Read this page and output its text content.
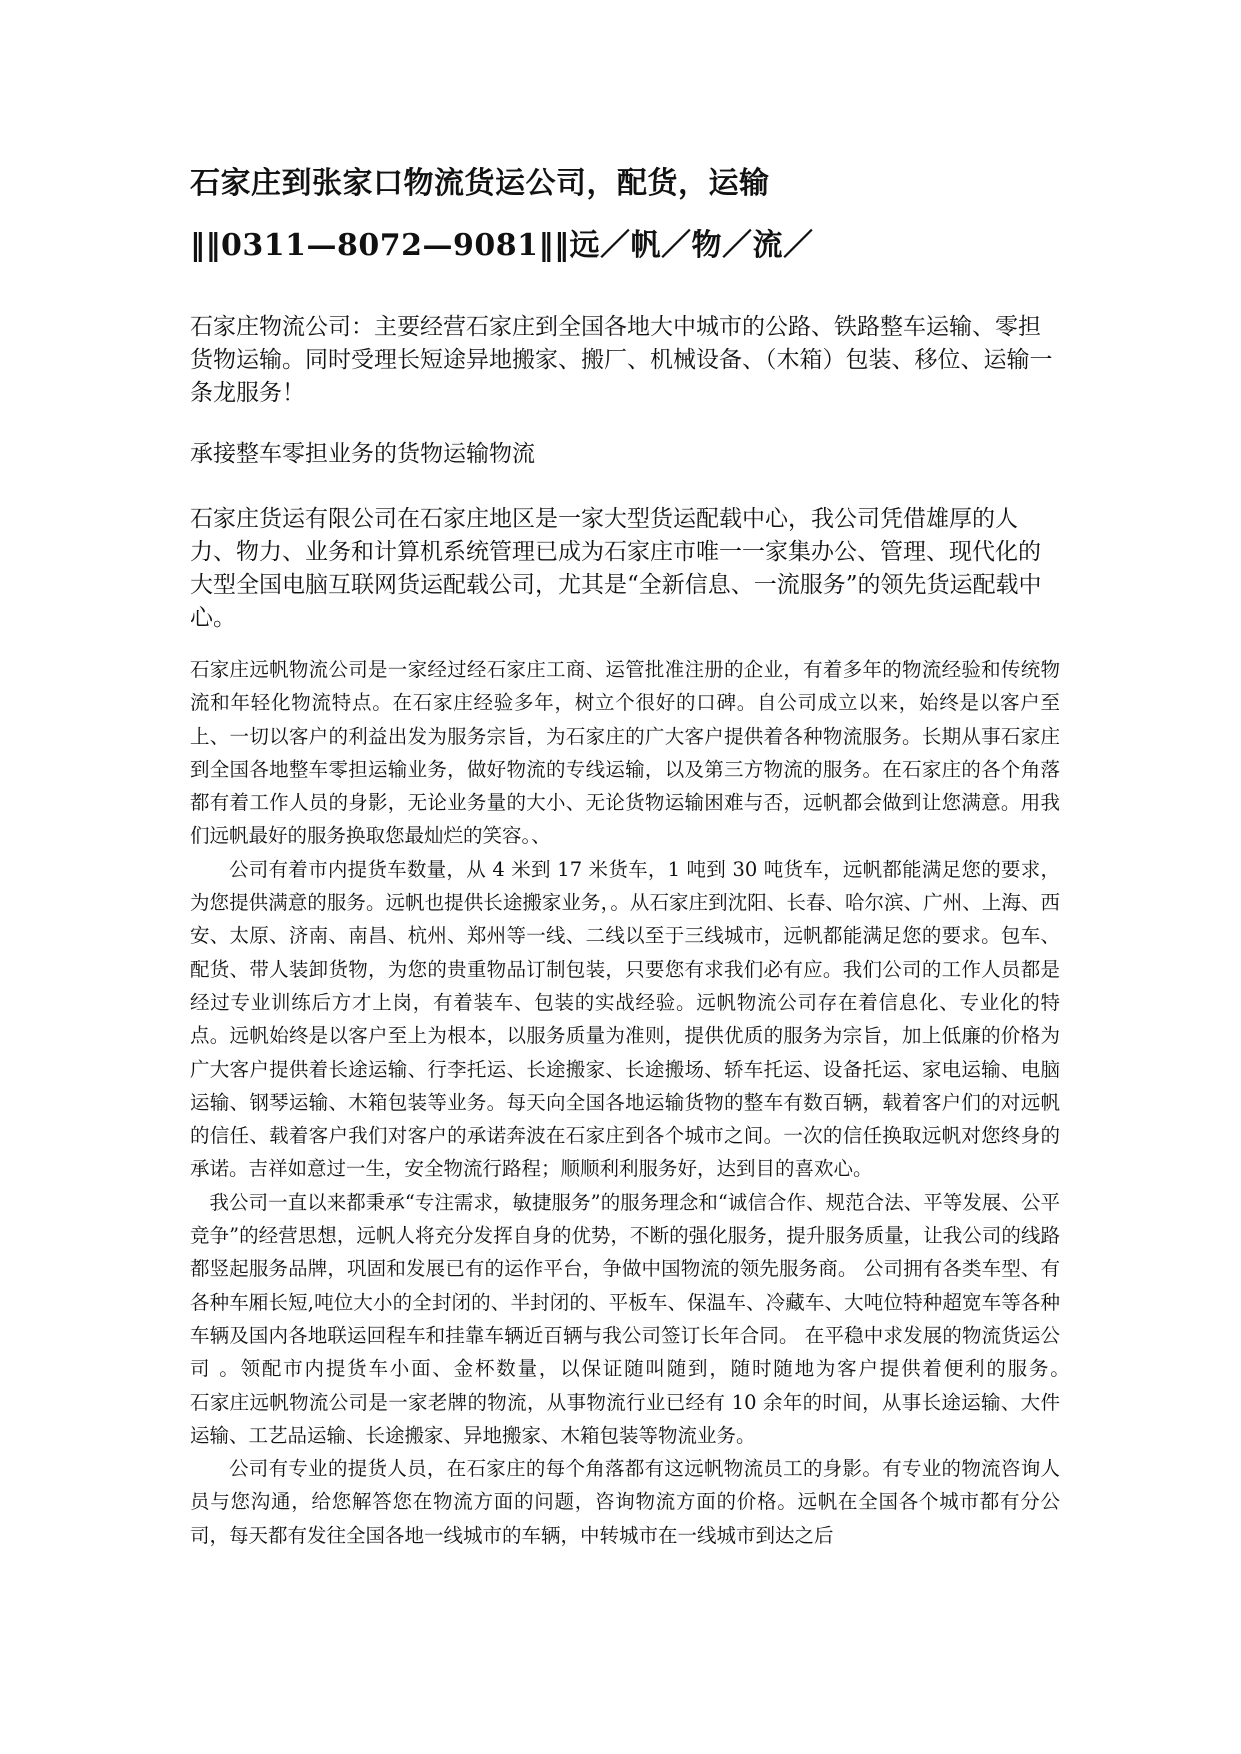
石家庄到张家口物流货运公司，配货，运输
‖‖0311—8072—9081‖‖远／帆／物／流／

石家庄物流公司：主要经营石家庄到全国各地大中城市的公路、铁路整车运输、零担货物运输。同时受理长短途异地搬家、搬厂、机械设备、（木箱）包装、移位、运输一条龙服务！

承接整车零担业务的货物运输物流

石家庄货运有限公司在石家庄地区是一家大型货运配载中心，我公司凭借雄厚的人力、物力、业务和计算机系统管理已成为石家庄市唯一一家集办公、管理、现代化的大型全国电脑互联网货运配载公司，尤其是“全新信息、一流服务”的领先货运配载中心。

石家庄远帆物流公司是一家经过经石家庄工商、运管批准注册的企业，有着多年的物流经验和传统物流和年轻化物流特点。在石家庄经验多年，树立个很好的口碑。自公司成立以来，始终是以客户至上、一切以客户的利益出发为服务宗旨，为石家庄的广大客户提供着各种物流服务。长期从事石家庄到全国各地整车零担运输业务，做好物流的专线运输，以及第三方物流的服务。在石家庄的各个角落都有着工作人员的身影，无论业务量的大小、无论货物运输困难与否，远帆都会做到让您满意。用我们远帆最好的服务换取您最灿烂的笑容。、

公司有着市内提货车数量，从 4 米到 17 米货车，1 吨到 30 吨货车，远帆都能满足您的要求，为您提供满意的服务。远帆也提供长途搬家业务，。从石家庄到沈阳、长春、哈尔滨、广州、上海、西安、太原、济南、南昌、杭州、郑州等一线、二线以至于三线城市，远帆都能满足您的要求。包车、配货、带人装卸货物，为您的贵重物品订制包装，只要您有求我们必有应。我们公司的工作人员都是经过专业训练后方才上岗，有着装车、包装的实战经验。远帆物流公司存在着信息化、专业化的特点。远帆始终是以客户至上为根本，以服务质量为准则，提供优质的服务为宗旨，加上低廉的价格为广大客户提供着长途运输、行李托运、长途搬家、长途搬场、轿车托运、设备托运、家电运输、电脑运输、钢琴运输、木箱包装等业务。每天向全国各地运输货物的整车有数百辆，载着客户们的对远帆的信任、载着客户我们对客户的承诺奔波在石家庄到各个城市之间。一次的信任换取远帆对您终身的承诺。吉祥如意过一生，安全物流行路程；顺顺利利服务好，达到目的喜欢心。

我公司一直以来都秉承“专注需求，敏捷服务”的服务理念和“诚信合作、规范合法、平等发展、公平竞争”的经营思想，远帆人将充分发挥自身的优势，不断的强化服务，提升服务质量，让我公司的线路都竖起服务品牌，巩固和发展已有的运作平台，争做中国物流的领先服务商。 公司拥有各类车型、有各种车厢长短,吨位大小的全封闭的、半封闭的、平板车、保温车、冷藏车、大吨位特种超宽车等各种车辆及国内各地联运回程车和挂靠车辆近百辆与我公司签订长年合同。 在平稳中求发展的物流货运公司 。领配市内提货车小面、金杯数量，以保证随叫随到，随时随地为客户提供着便利的服务。　　　　　　石家庄远帆物流公司是一家老牌的物流，从事物流行业已经有 10 余年的时间，从事长途运输、大件运输、工艺品运输、长途搬家、异地搬家、木箱包装等物流业务。

公司有专业的提货人员，在石家庄的每个角落都有这远帆物流员工的身影。有专业的物流咨询人员与您沟通，给您解答您在物流方面的问题，咨询物流方面的价格。远帆在全国各个城市都有分公司，每天都有发往全国各地一线城市的车辆，中转城市在一线城市到达之后
